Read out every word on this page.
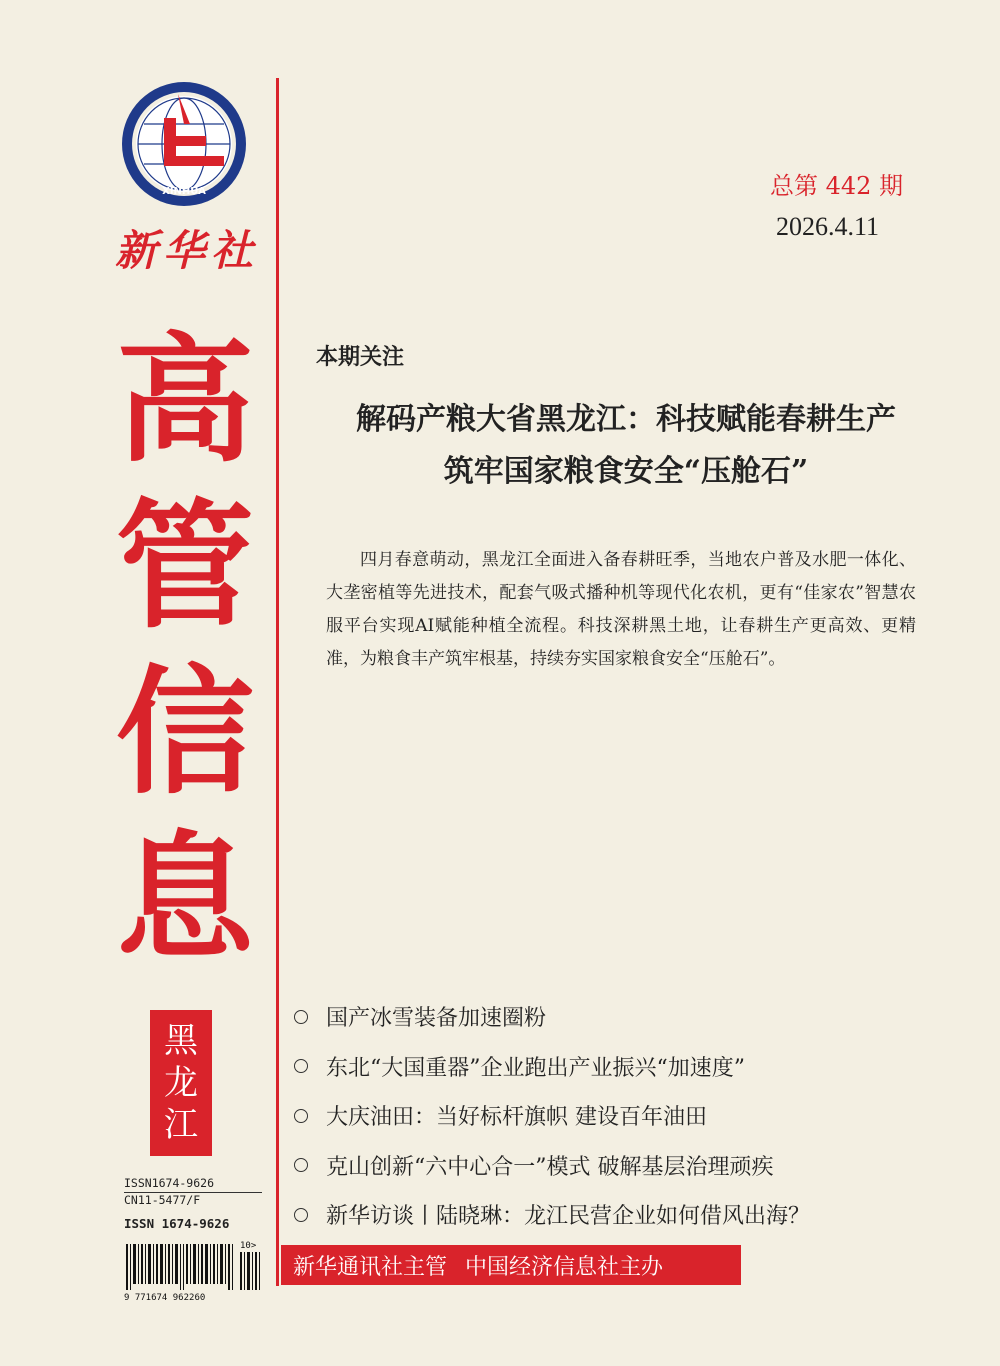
XINHUA
新华社
高
管
信
息
黑
龙
江
ISSN1674-9626
CN11-5477/F
ISSN 1674-9626
9 771674 962260
10>
总第 442 期
2026.4.11
本期关注
解码产粮大省黑龙江：科技赋能春耕生产
筑牢国家粮食安全“压舱石”
四月春意萌动，黑龙江全面进入备春耕旺季，当地农户普及水肥一体化、大垄密植等先进技术，配套气吸式播种机等现代化农机，更有“佳家农”智慧农服平台实现AI赋能种植全流程。科技深耕黑土地，让春耕生产更高效、更精准，为粮食丰产筑牢根基，持续夯实国家粮食安全“压舱石”。
国产冰雪装备加速圈粉
东北“大国重器”企业跑出产业振兴“加速度”
大庆油田：当好标杆旗帜 建设百年油田
克山创新“六中心合一”模式 破解基层治理顽疾
新华访谈丨陆晓琳：龙江民营企业如何借风出海？
新华通讯社主管 中国经济信息社主办
